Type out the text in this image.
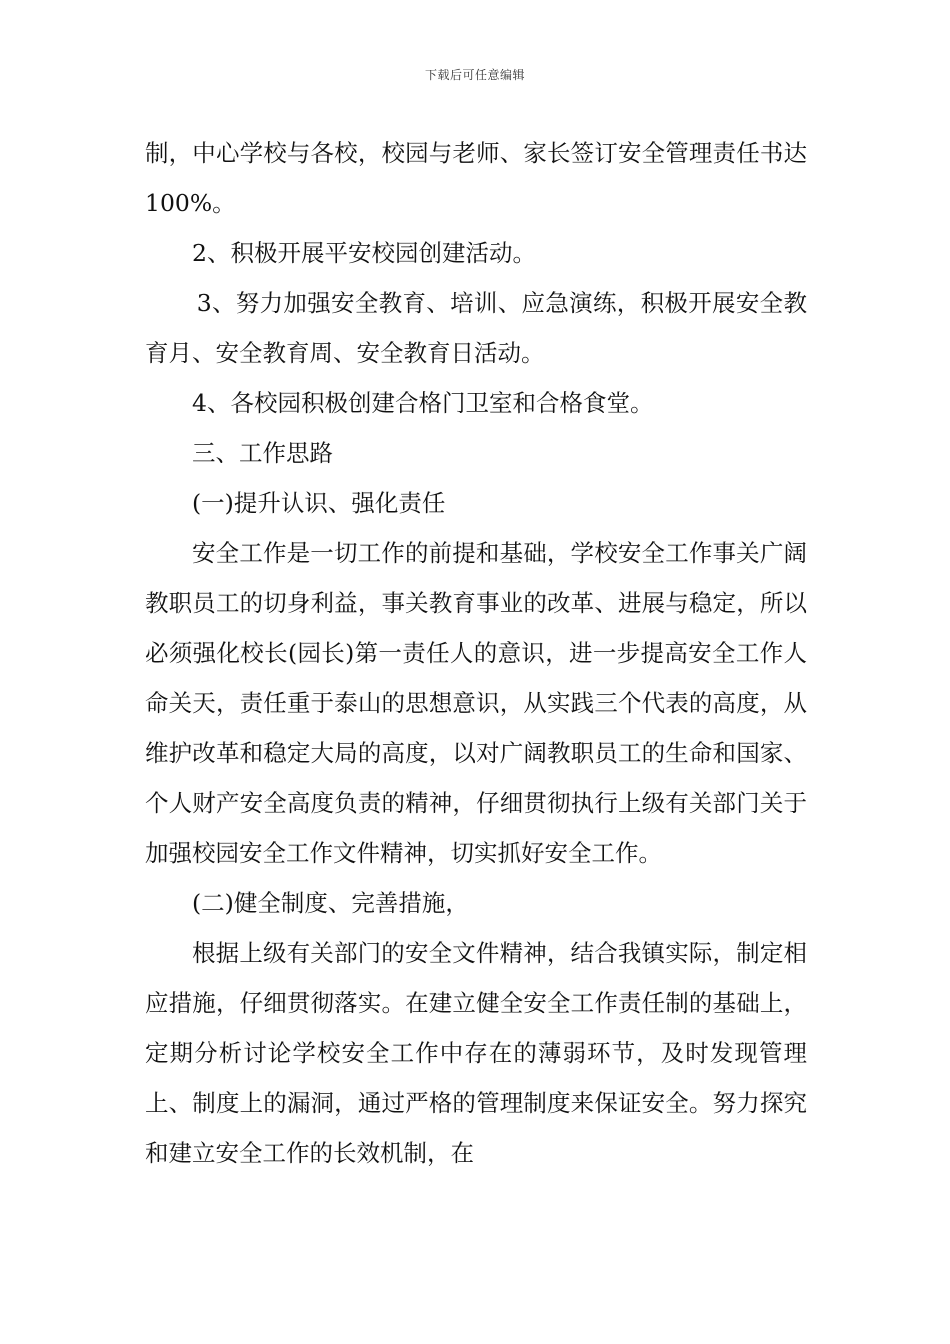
下载后可任意编辑

制，中心学校与各校，校园与老师、家长签订安全管理责任书达100%。

2、积极开展平安校园创建活动。

3、努力加强安全教育、培训、应急演练，积极开展安全教育月、安全教育周、安全教育日活动。

4、各校园积极创建合格门卫室和合格食堂。

三、工作思路

(一)提升认识、强化责任

安全工作是一切工作的前提和基础，学校安全工作事关广阔教职员工的切身利益，事关教育事业的改革、进展与稳定，所以必须强化校长(园长)第一责任人的意识，进一步提高安全工作人命关天，责任重于泰山的思想意识，从实践三个代表的高度，从维护改革和稳定大局的高度，以对广阔教职员工的生命和国家、个人财产安全高度负责的精神，仔细贯彻执行上级有关部门关于加强校园安全工作文件精神，切实抓好安全工作。

(二)健全制度、完善措施，

根据上级有关部门的安全文件精神，结合我镇实际，制定相应措施，仔细贯彻落实。在建立健全安全工作责任制的基础上，定期分析讨论学校安全工作中存在的薄弱环节，及时发现管理上、制度上的漏洞，通过严格的管理制度来保证安全。努力探究和建立安全工作的长效机制，在
